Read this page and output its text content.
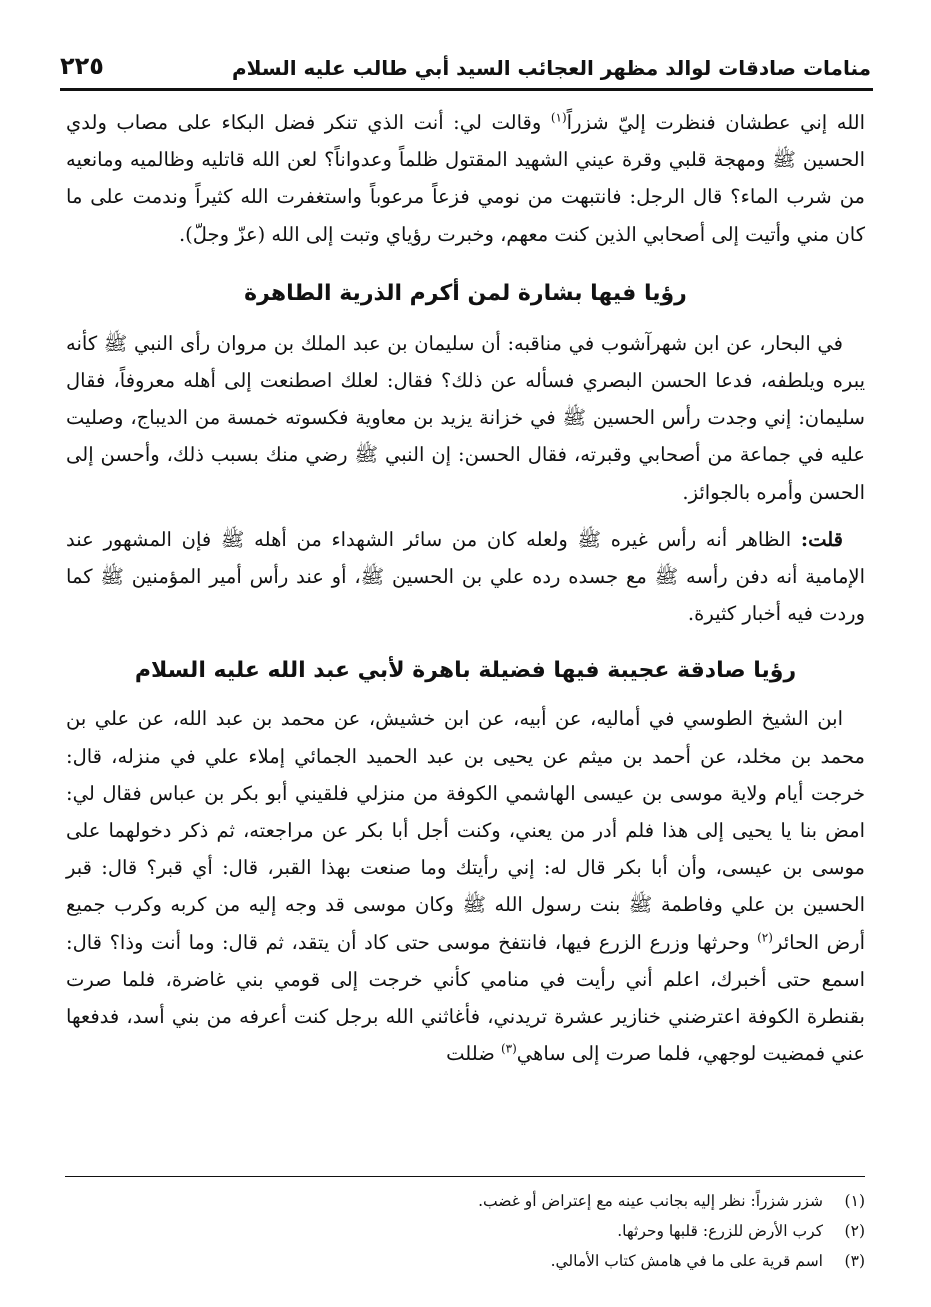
منامات صادقات لوالد مظهر العجائب السيد أبي طالب عليه السلام
٢٢٥

الله إني عطشان فنظرت إليّ شزراً$^{(١)}$ وقالت لي: أنت الذي تنكر فضل البكاء على مصاب ولدي الحسين ﷺ ومهجة قلبي وقرة عيني الشهيد المقتول ظلماً وعدواناً؟ لعن الله قاتليه وظالميه ومانعيه من شرب الماء؟ قال الرجل: فانتبهت من نومي فزعاً مرعوباً واستغفرت الله كثيراً وندمت على ما كان مني وأتيت إلى أصحابي الذين كنت معهم، وخبرت رؤياي وتبت إلى الله (عزّ وجلّ).

رؤيا فيها بشارة لمن أكرم الذرية الطاهرة

في البحار، عن ابن شهرآشوب في مناقبه: أن سليمان بن عبد الملك بن مروان رأى النبي ﷺ كأنه يبره ويلطفه، فدعا الحسن البصري فسأله عن ذلك؟ فقال: لعلك اصطنعت إلى أهله معروفاً، فقال سليمان: إني وجدت رأس الحسين ﷺ في خزانة يزيد بن معاوية فكسوته خمسة من الديباج، وصليت عليه في جماعة من أصحابي وقبرته، فقال الحسن: إن النبي ﷺ رضي منك بسبب ذلك، وأحسن إلى الحسن وأمره بالجوائز.

قلت: الظاهر أنه رأس غيره ﷺ ولعله كان من سائر الشهداء من أهله ﷺ فإن المشهور عند الإمامية أنه دفن رأسه ﷺ مع جسده رده علي بن الحسين ﷺ، أو عند رأس أمير المؤمنين ﷺ كما وردت فيه أخبار كثيرة.

رؤيا صادقة عجيبة فيها فضيلة باهرة لأبي عبد الله عليه السلام

ابن الشيخ الطوسي في أماليه، عن أبيه، عن ابن خشيش، عن محمد بن عبد الله، عن علي بن محمد بن مخلد، عن أحمد بن ميثم عن يحيى بن عبد الحميد الجمائي إملاء علي في منزله، قال: خرجت أيام ولاية موسى بن عيسى الهاشمي الكوفة من منزلي فلقيني أبو بكر بن عباس فقال لي: امض بنا يا يحيى إلى هذا فلم أدر من يعني، وكنت أجل أبا بكر عن مراجعته، ثم ذكر دخولهما على موسى بن عيسى، وأن أبا بكر قال له: إني رأيتك وما صنعت بهذا القبر، قال: أي قبر؟ قال: قبر الحسين بن علي وفاطمة ﷺ بنت رسول الله ﷺ وكان موسى قد وجه إليه من كربه وكرب جميع أرض الحائر$^{(٢)}$ وحرثها وزرع الزرع فيها، فانتفخ موسى حتى كاد أن يتقد، ثم قال: وما أنت وذا؟ قال: اسمع حتى أخبرك، اعلم أني رأيت في منامي كأني خرجت إلى قومي بني غاضرة، فلما صرت بقنطرة الكوفة اعترضني خنازير عشرة تريدني، فأغاثني الله برجل كنت أعرفه من بني أسد، فدفعها عني فمضيت لوجهي، فلما صرت إلى ساهي$^{(٣)}$ ضللت

(١)
شزر شزراً: نظر إليه بجانب عينه مع إعتراض أو غضب.
(٢)
كرب الأرض للزرع: قلبها وحرثها.
(٣)
اسم قرية على ما في هامش كتاب الأمالي.
